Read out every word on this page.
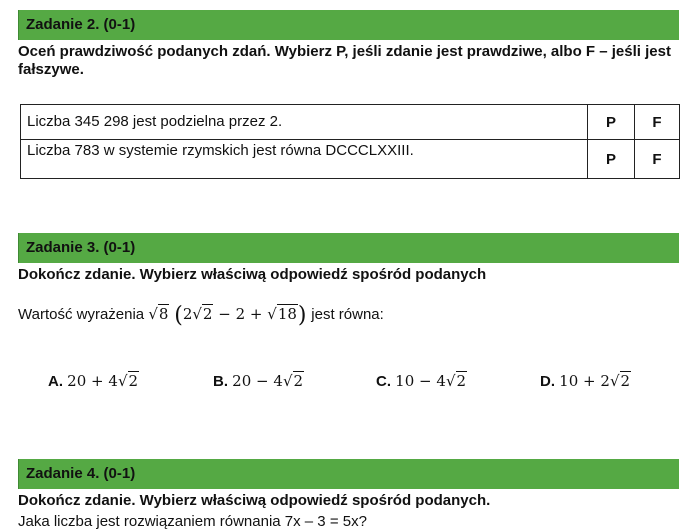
Zadanie 2. (0-1)
Oceń prawdziwość podanych zdań. Wybierz P, jeśli zdanie jest prawdziwe, albo F – jeśli jest fałszywe.
Liczba 345 298 jest podzielna przez 2.	P	F
Liczba 783 w systemie rzymskich jest równa DCCCLXXIII.	P	F
Zadanie 3. (0-1)
Dokończ zdanie. Wybierz właściwą odpowiedź spośród podanych
Wartość wyrażenia √8 (2√2 − 2 + √18) jest równa:
A. 20 + 4√2	B. 20 − 4√2	C. 10 − 4√2	D. 10 + 2√2
Zadanie 4. (0-1)
Dokończ zdanie. Wybierz właściwą odpowiedź spośród podanych.
Jaka liczba jest rozwiązaniem równania 7x – 3 = 5x?
